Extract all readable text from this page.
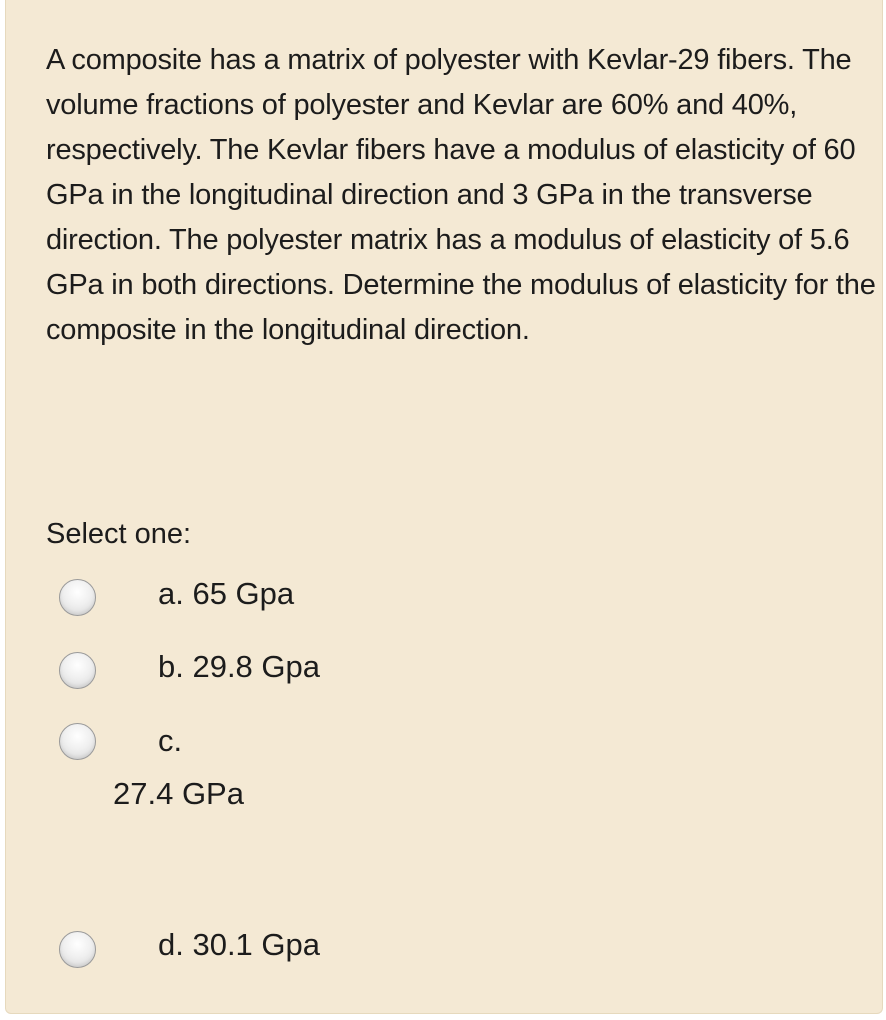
A composite has a matrix of polyester with Kevlar-29 fibers. The volume fractions of polyester and Kevlar are 60% and 40%, respectively. The Kevlar fibers have a modulus of elasticity of 60 GPa in the longitudinal direction and 3 GPa in the transverse direction. The polyester matrix has a modulus of elasticity of 5.6 GPa in both directions. Determine the modulus of elasticity for the composite in the longitudinal direction.

Select one:

a. 65 Gpa
b. 29.8 Gpa
c.
27.4 GPa
d. 30.1 Gpa
